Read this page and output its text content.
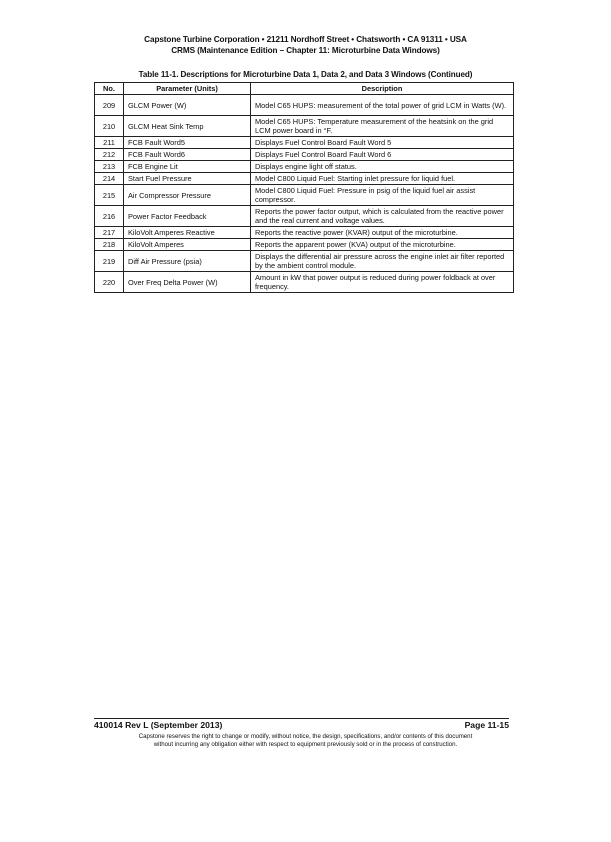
Capstone Turbine Corporation • 21211 Nordhoff Street • Chatsworth • CA 91311 • USA
CRMS (Maintenance Edition – Chapter 11: Microturbine Data Windows)
Table 11-1. Descriptions for Microturbine Data 1, Data 2, and Data 3 Windows (Continued)
No.	Parameter (Units)	Description
209	GLCM Power (W)	Model C65 HUPS: measurement of the total power of grid LCM in Watts (W).
210	GLCM Heat Sink Temp	Model C65 HUPS: Temperature measurement of the heatsink on the grid LCM power board in °F.
211	FCB Fault Word5	Displays Fuel Control Board Fault Word 5
212	FCB Fault Word6	Displays Fuel Control Board Fault Word 6
213	FCB Engine Lit	Displays engine light off status.
214	Start Fuel Pressure	Model C800 Liquid Fuel: Starting inlet pressure for liquid fuel.
215	Air Compressor Pressure	Model C800 Liquid Fuel: Pressure in psig of the liquid fuel air assist compressor.
216	Power Factor Feedback	Reports the power factor output, which is calculated from the reactive power and the real current and voltage values.
217	KiloVolt Amperes Reactive	Reports the reactive power (KVAR) output of the microturbine.
218	KiloVolt Amperes	Reports the apparent power (KVA) output of the microturbine.
219	Diff Air Pressure (psia)	Displays the differential air pressure across the engine inlet air filter reported by the ambient control module.
220	Over Freq Delta Power (W)	Amount in kW that power output is reduced during power foldback at over frequency.
410014 Rev L (September 2013)	Page 11-15
Capstone reserves the right to change or modify, without notice, the design, specifications, and/or contents of this document
without incurring any obligation either with respect to equipment previously sold or in the process of construction.
